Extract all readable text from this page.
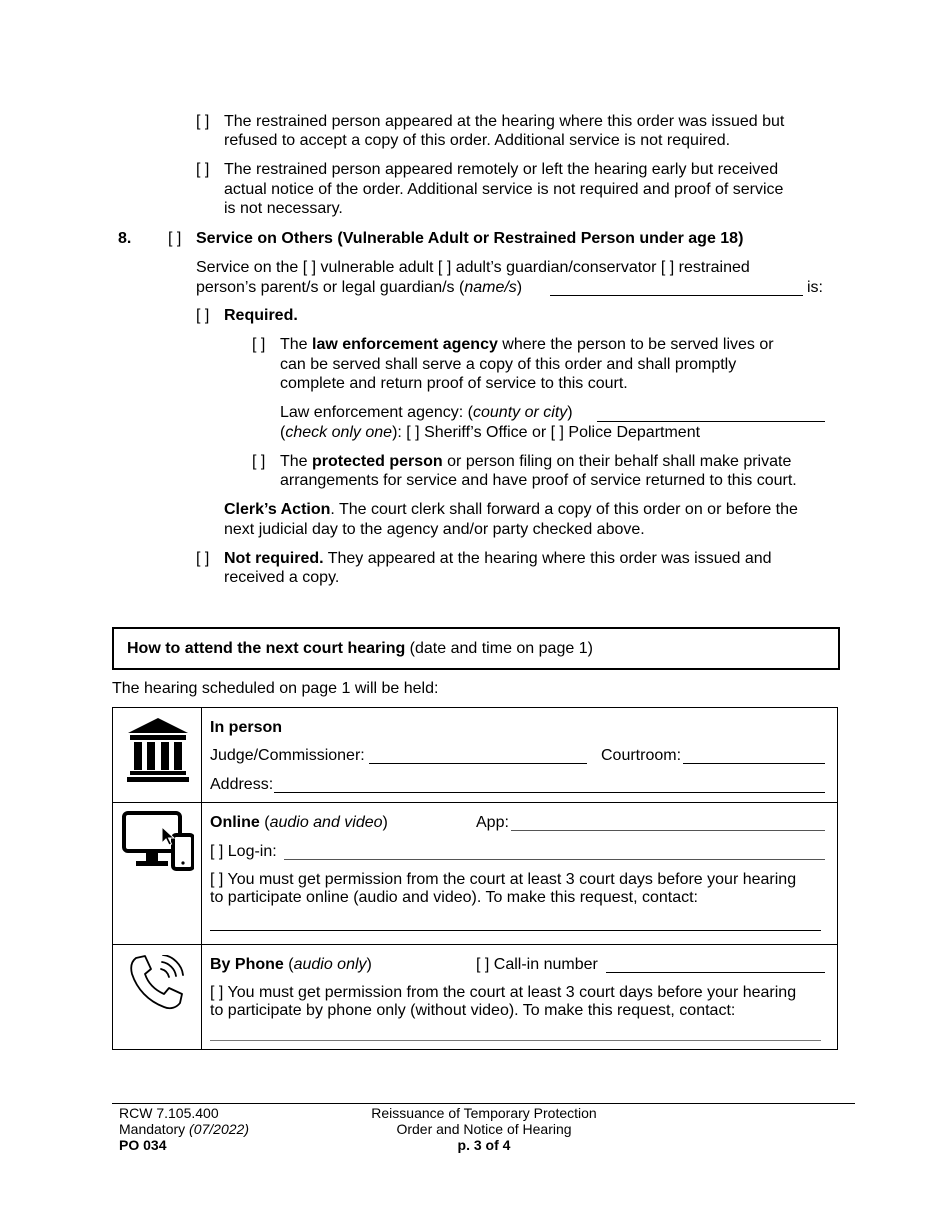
[ ] The restrained person appeared at the hearing where this order was issued but
refused to accept a copy of this order. Additional service is not required.
[ ] The restrained person appeared remotely or left the hearing early but received
actual notice of the order. Additional service is not required and proof of service
is not necessary.
8. [ ] Service on Others (Vulnerable Adult or Restrained Person under age 18)
Service on the [ ] vulnerable adult [ ] adult’s guardian/conservator [ ] restrained
person’s parent/s or legal guardian/s (name/s)	is:
[ ] Required.
[ ] The law enforcement agency where the person to be served lives or
can be served shall serve a copy of this order and shall promptly
complete and return proof of service to this court.
Law enforcement agency: (county or city)
(check only one): [ ] Sheriff’s Office or [ ] Police Department
[ ] The protected person or person filing on their behalf shall make private
arrangements for service and have proof of service returned to this court.
Clerk’s Action. The court clerk shall forward a copy of this order on or before the
next judicial day to the agency and/or party checked above.
[ ] Not required. They appeared at the hearing where this order was issued and
received a copy.
How to attend the next court hearing (date and time on page 1)
The hearing scheduled on page 1 will be held:

In person
Judge/Commissioner: Courtroom:
Address:

Online (audio and video) App:
[ ] Log-in:
[ ] You must get permission from the court at least 3 court days before your hearing
to participate online (audio and video). To make this request, contact:

By Phone (audio only) [ ] Call-in number
[ ] You must get permission from the court at least 3 court days before your hearing
to participate by phone only (without video). To make this request, contact:
RCW 7.105.400
Mandatory (07/2022)
PO 034
Reissuance of Temporary Protection
Order and Notice of Hearing
p. 3 of 4
